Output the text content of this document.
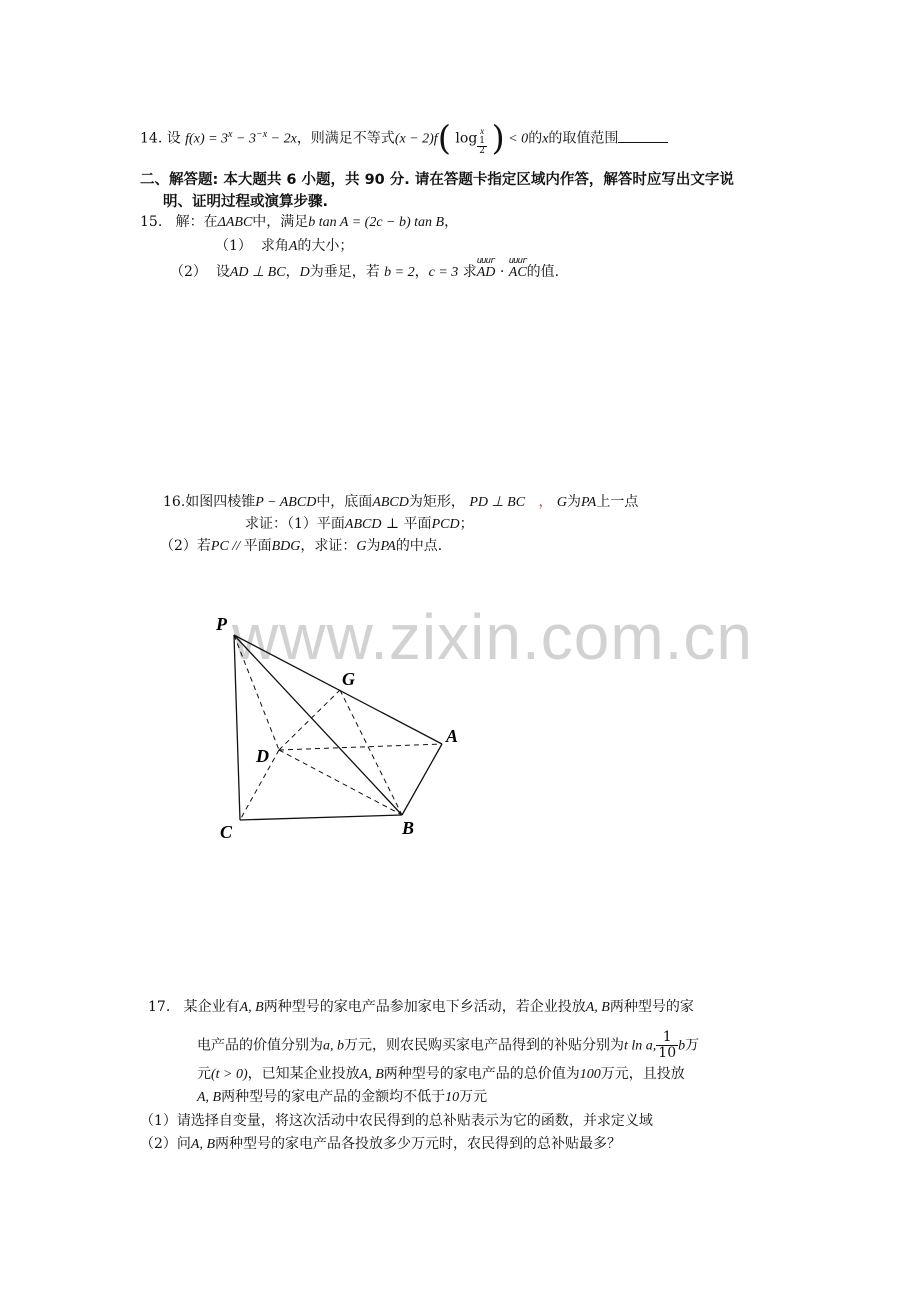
www.zixin.com.cn
14. 设 $f(x) = 3^x - 3^{-x} - 2x$，则满足不等式(x − 2)f( log x
1
2 ) < 0的x的取值范围
二、解答题: 本大题共 6 小题，共 90 分. 请在答题卡指定区域内作答，解答时应写出文字说
明、证明过程或演算步骤.
15. 解：在ΔABC中，满足b tan A = (2c − b) tan B，
（1） 求角A的大小；
（2） 设AD ⊥ BC，D为垂足，若 b = 2，c = 3 求uuur AD · uuur AC的值.
16.如图四棱锥P − ABCD中，底面ABCD为矩形， PD ⊥ BC ， G为PA上一点
求证：（1）平面ABCD ⊥ 平面PCD；
（2）若PC // 平面BDG，求证：G为PA的中点.
P
G
A
D
C	B
17. 某企业有A, B两种型号的家电产品参加家电下乡活动，若企业投放A, B两种型号的家
电产品的价值分别为a, b万元，则农民购买家电产品得到的补贴分别为t ln a, $\frac{1}{10}$ b万
元(t > 0)，已知某企业投放A, B两种型号的家电产品的总价值为100万元，且投放
A, B两种型号的家电产品的金额均不低于10万元
（1）请选择自变量，将这次活动中农民得到的总补贴表示为它的函数，并求定义域
（2）问A, B两种型号的家电产品各投放多少万元时，农民得到的总补贴最多？
